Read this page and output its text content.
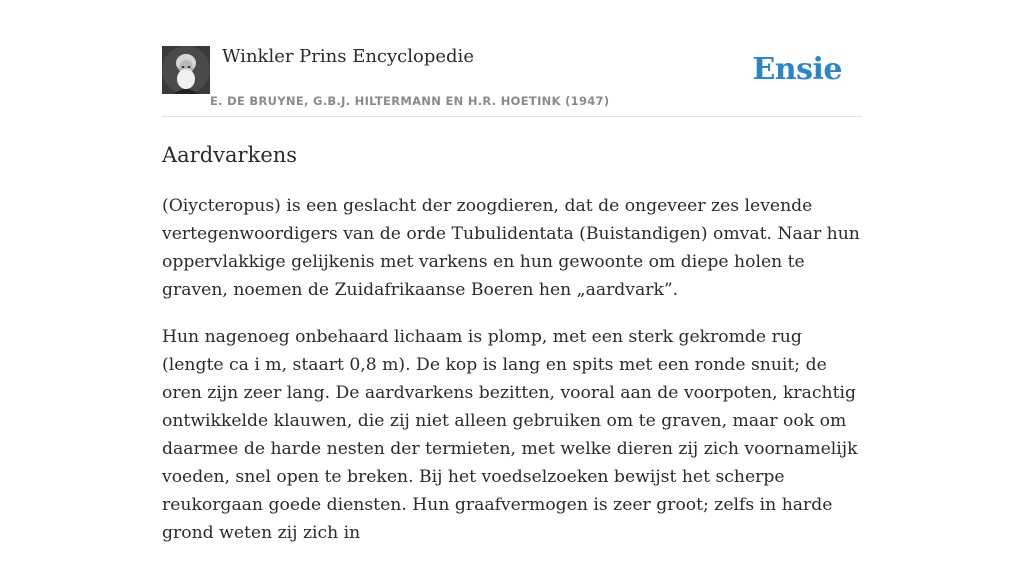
Winkler Prins Encyclopedie
E. DE BRUYNE, G.B.J. HILTERMANN EN H.R. HOETINK (1947)
Ensie
Aardvarkens

(Oiycteropus) is een geslacht der zoogdieren, dat de ongeveer zes levende vertegenwoordigers van de orde Tubulidentata (Buistandigen) omvat. Naar hun oppervlakkige gelijkenis met varkens en hun gewoonte om diepe holen te graven, noemen de Zuidafrikaanse Boeren hen „aardvark”.

Hun nagenoeg onbehaard lichaam is plomp, met een sterk gekromde rug (lengte ca i m, staart 0,8 m). De kop is lang en spits met een ronde snuit; de oren zijn zeer lang. De aardvarkens bezitten, vooral aan de voorpoten, krachtig ontwikkelde klauwen, die zij niet alleen gebruiken om te graven, maar ook om daarmee de harde nesten der termieten, met welke dieren zij zich voornamelijk voeden, snel open te breken. Bij het voedselzoeken bewijst het scherpe reukorgaan goede diensten. Hun graafvermogen is zeer groot; zelfs in harde grond weten zij zich in
